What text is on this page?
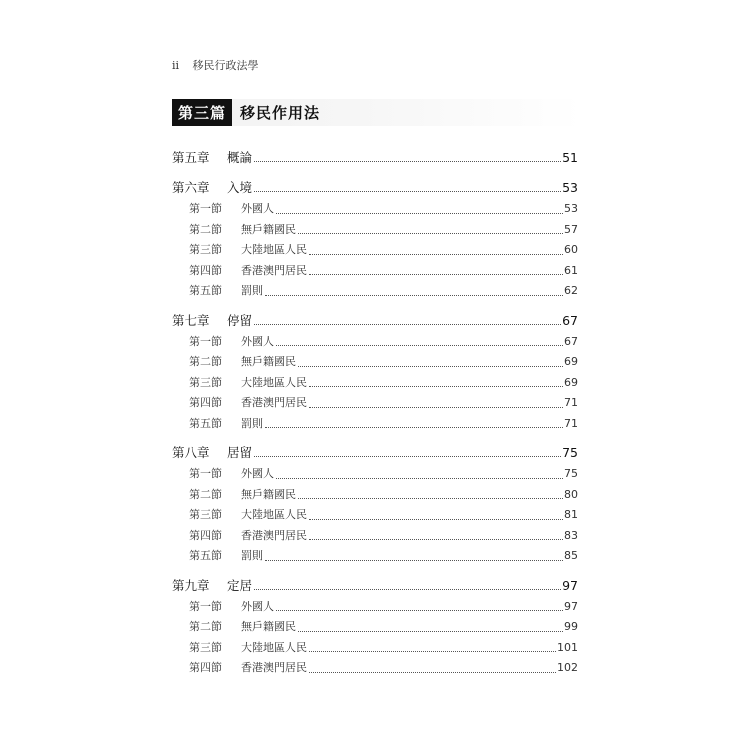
ii 移民行政法學
第三篇 移民作用法
第五章	概論	51
第六章	入境	53
第一節	外國人	53
第二節	無戶籍國民	57
第三節	大陸地區人民	60
第四節	香港澳門居民	61
第五節	罰則	62
第七章	停留	67
第一節	外國人	67
第二節	無戶籍國民	69
第三節	大陸地區人民	69
第四節	香港澳門居民	71
第五節	罰則	71
第八章	居留	75
第一節	外國人	75
第二節	無戶籍國民	80
第三節	大陸地區人民	81
第四節	香港澳門居民	83
第五節	罰則	85
第九章	定居	97
第一節	外國人	97
第二節	無戶籍國民	99
第三節	大陸地區人民	101
第四節	香港澳門居民	102
